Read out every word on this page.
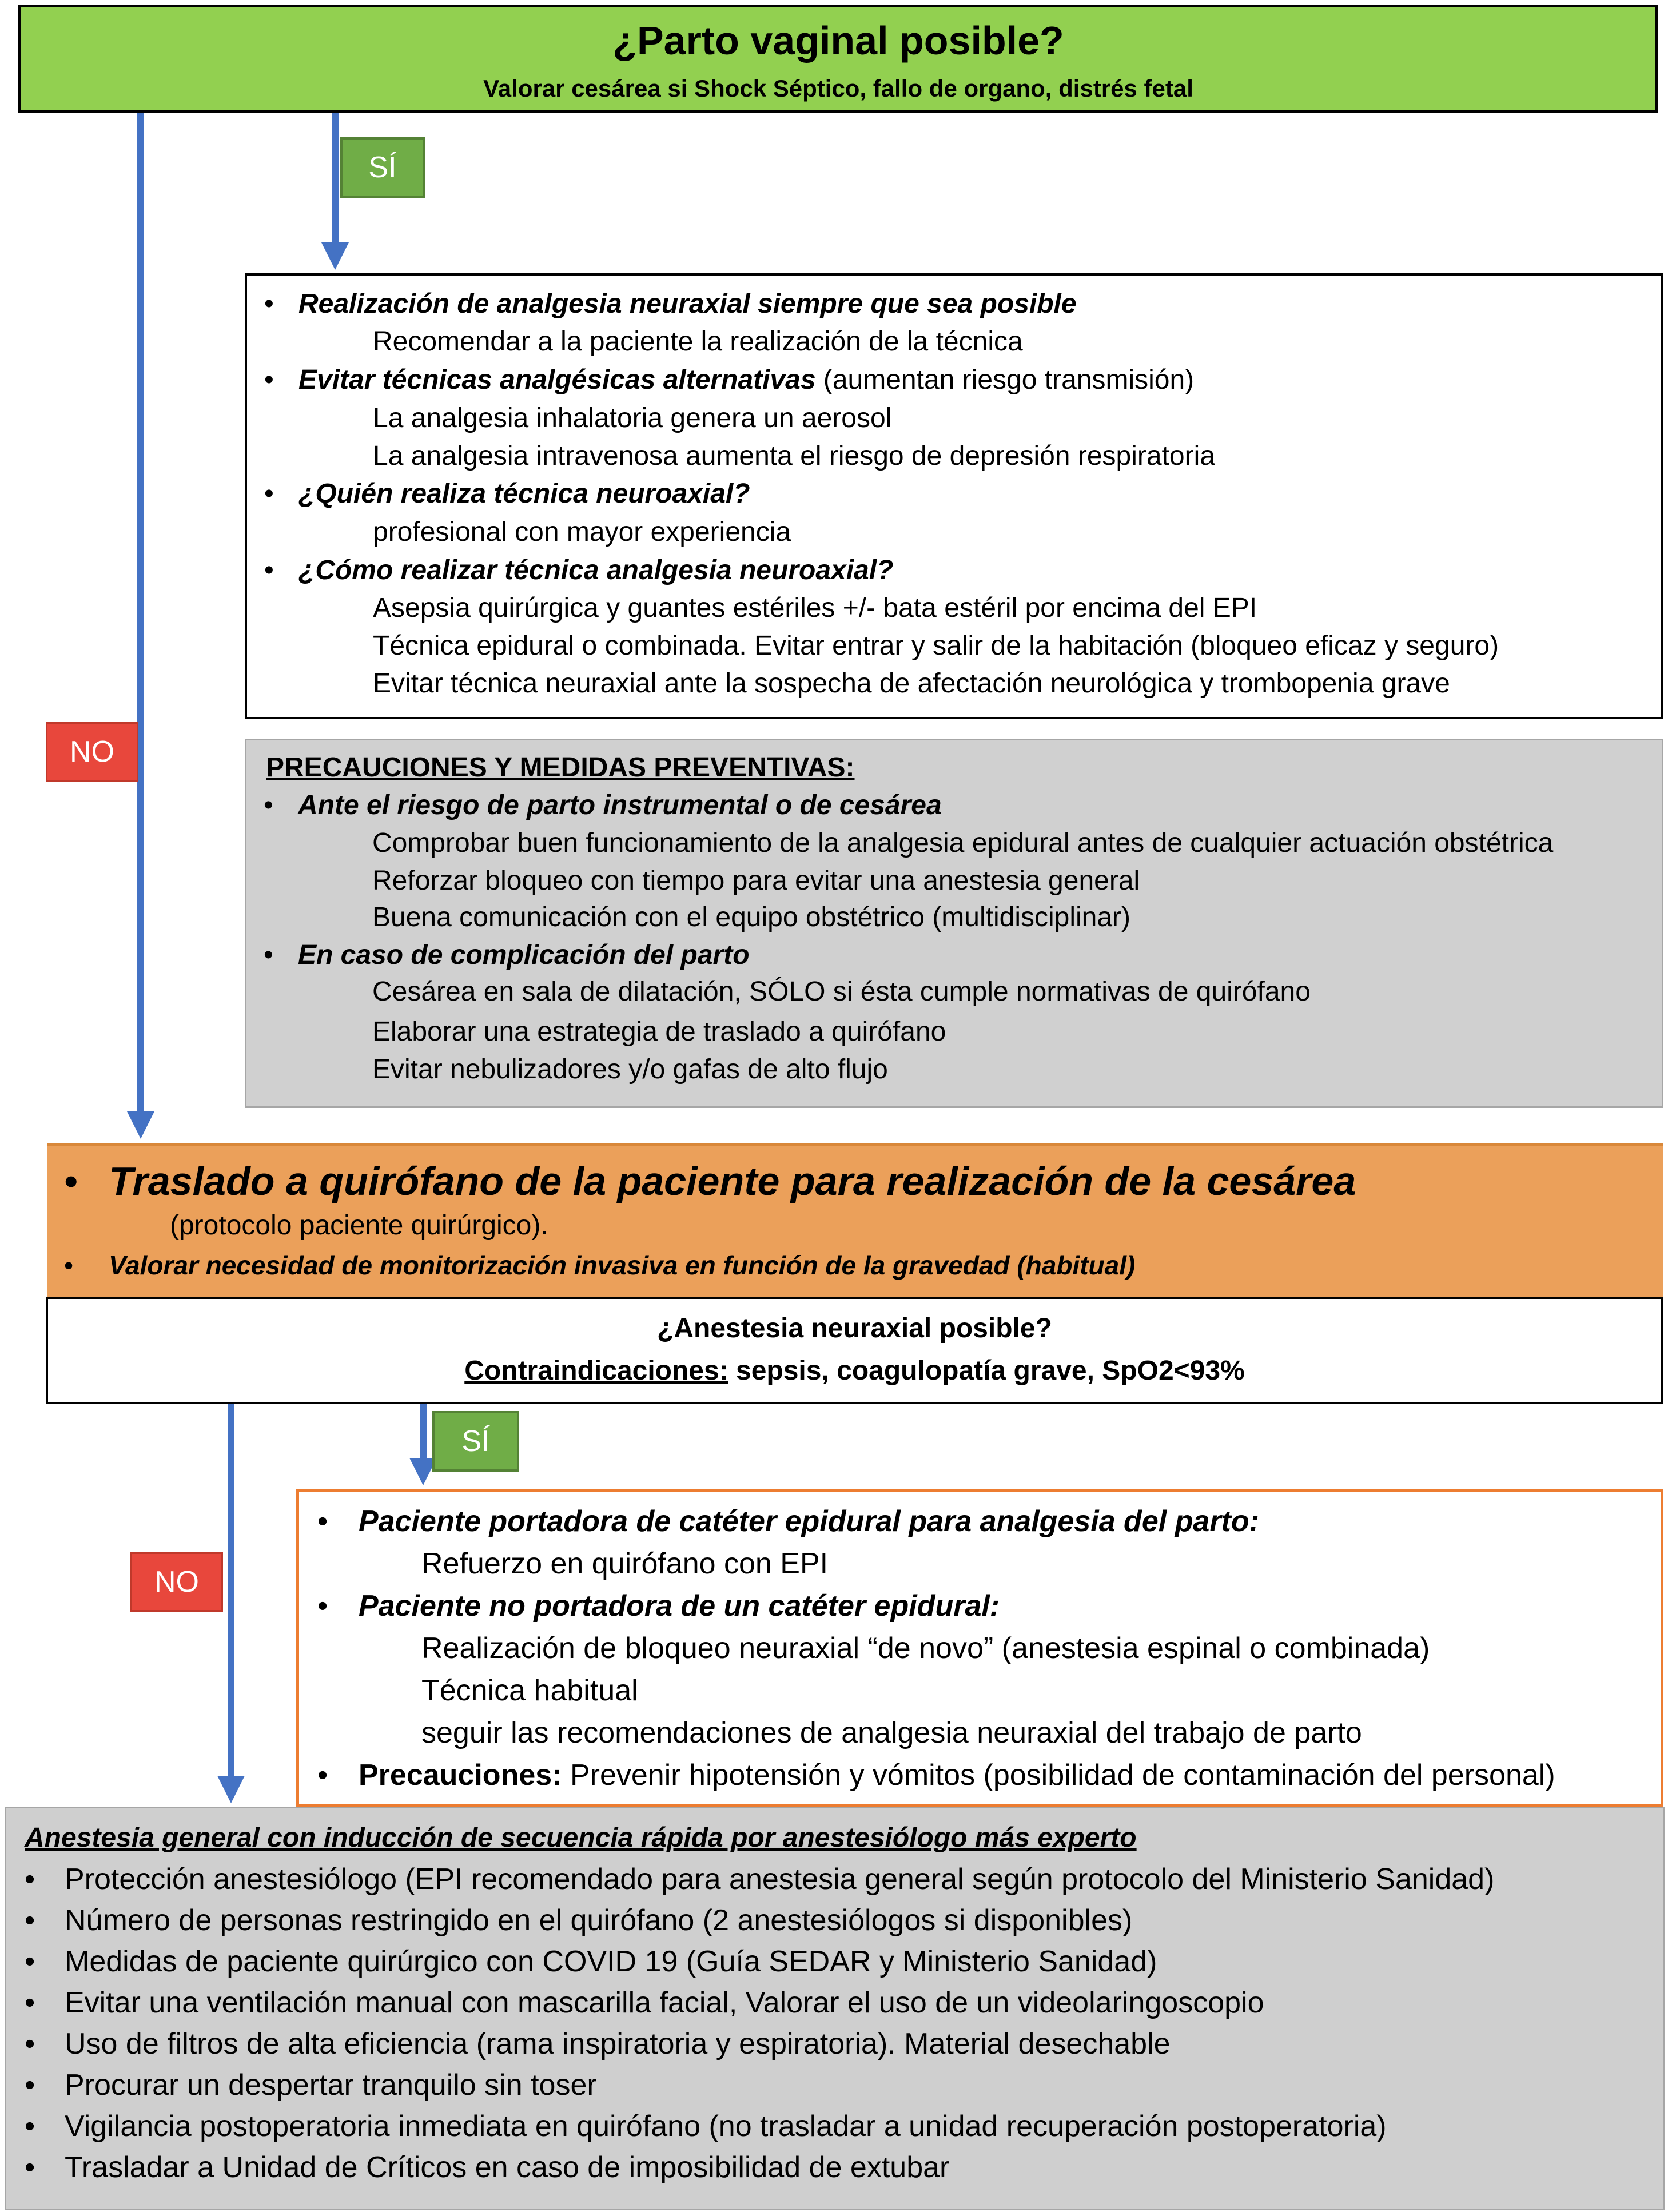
¿Parto vaginal posible?
Valorar cesárea si Shock Séptico, fallo de organo, distrés fetal
SÍ
NO
SÍ
NO
• Realización de analgesia neuraxial siempre que sea posible
Recomendar a la paciente la realización de la técnica
• Evitar técnicas analgésicas alternativas (aumentan riesgo transmisión)
La analgesia inhalatoria genera un aerosol
La analgesia intravenosa aumenta el riesgo de depresión respiratoria
• ¿Quién realiza técnica neuroaxial?
profesional con mayor experiencia
• ¿Cómo realizar técnica analgesia neuroaxial?
Asepsia quirúrgica y guantes estériles +/- bata estéril por encima del EPI
Técnica epidural o combinada. Evitar entrar y salir de la habitación (bloqueo eficaz y seguro)
Evitar técnica neuraxial ante la sospecha de afectación neurológica y trombopenia grave
PRECAUCIONES Y MEDIDAS PREVENTIVAS:
• Ante el riesgo de parto instrumental o de cesárea
Comprobar buen funcionamiento de la analgesia epidural antes de cualquier actuación obstétrica
Reforzar bloqueo con tiempo para evitar una anestesia general
Buena comunicación con el equipo obstétrico (multidisciplinar)
• En caso de complicación del parto
Cesárea en sala de dilatación, SÓLO si ésta cumple normativas de quirófano
Elaborar una estrategia de traslado a quirófano
Evitar nebulizadores y/o gafas de alto flujo
• Traslado a quirófano de la paciente para realización de la cesárea
(protocolo paciente quirúrgico).
• Valorar necesidad de monitorización invasiva en función de la gravedad (habitual)
¿Anestesia neuraxial posible?
Contraindicaciones: sepsis, coagulopatía grave, SpO2<93%
• Paciente portadora de catéter epidural para analgesia del parto:
Refuerzo en quirófano con EPI
• Paciente no portadora de un catéter epidural:
Realización de bloqueo neuraxial “de novo” (anestesia espinal o combinada)
Técnica habitual
seguir las recomendaciones de analgesia neuraxial del trabajo de parto
• Precauciones: Prevenir hipotensión y vómitos (posibilidad de contaminación del personal)
Anestesia general con inducción de secuencia rápida por anestesiólogo más experto
• Protección anestesiólogo (EPI recomendado para anestesia general según protocolo del Ministerio Sanidad)
• Número de personas restringido en el quirófano (2 anestesiólogos si disponibles)
• Medidas de paciente quirúrgico con COVID 19 (Guía SEDAR y Ministerio Sanidad)
• Evitar una ventilación manual con mascarilla facial, Valorar el uso de un videolaringoscopio
• Uso de filtros de alta eficiencia (rama inspiratoria y espiratoria). Material desechable
• Procurar un despertar tranquilo sin toser
• Vigilancia postoperatoria inmediata en quirófano (no trasladar a unidad recuperación postoperatoria)
• Trasladar a Unidad de Críticos en caso de imposibilidad de extubar
